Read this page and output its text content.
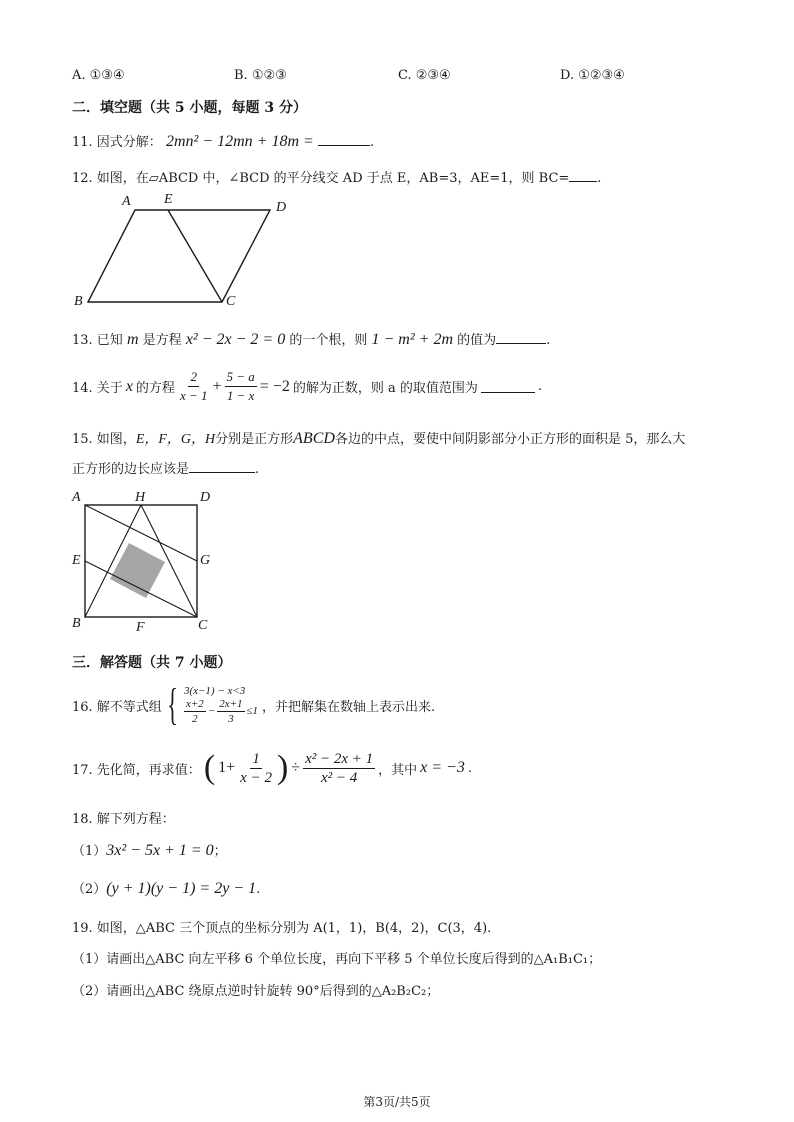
A. ①③④	B. ①②③	C. ②③④	D. ①②③④
二．填空题（共 5 小题，每题 3 分）
11. 因式分解： 2mn² − 12mn + 18m =	.
12. 如图，在▱ABCD 中，∠BCD 的平分线交 AD 于点 E，AB=3，AE=1，则 BC= .
A E
D
B	C
13. 已知 m 是方程 x² − 2x − 2 = 0 的一个根，则 1 − m² + 2m 的值为	.
14. 关于 x 的方程 $\frac{2}{x - 1} + \frac{5 - a}{1 - x} = -2$ 的解为正数，则 a 的取值范围为	.
15. 如图，E，F，G，H分别是正方形ABCD各边的中点，要使中间阴影部分小正方形的面积是 5，那么大
正方形的边长应该是	.
A	H	D
E	G
B	F	C
三．解答题（共 7 小题）
16. 解不等式组 { 3(x−1) − x<3
$\frac{x+2}{2} - \frac{2x+1}{3} \le 1$ ，并把解集在数轴上表示出来.
17. 先化简，再求值： ( $1+ \frac{1}{x - 2}$ ) ÷ $\frac{\text{x² − 2x + 1}}{\text{x² − 4}}$ ，其中 x = −3 .
18. 解下列方程：
（1）3x² − 5x + 1 = 0；
（2）(y + 1)(y − 1) = 2y − 1.
19. 如图，△ABC 三个顶点的坐标分别为 A(1，1)，B(4，2)，C(3，4).
（1）请画出△ABC 向左平移 6 个单位长度，再向下平移 5 个单位长度后得到的△A₁B₁C₁；
（2）请画出△ABC 绕原点逆时针旋转 90°后得到的△A₂B₂C₂；
第3页/共5页
